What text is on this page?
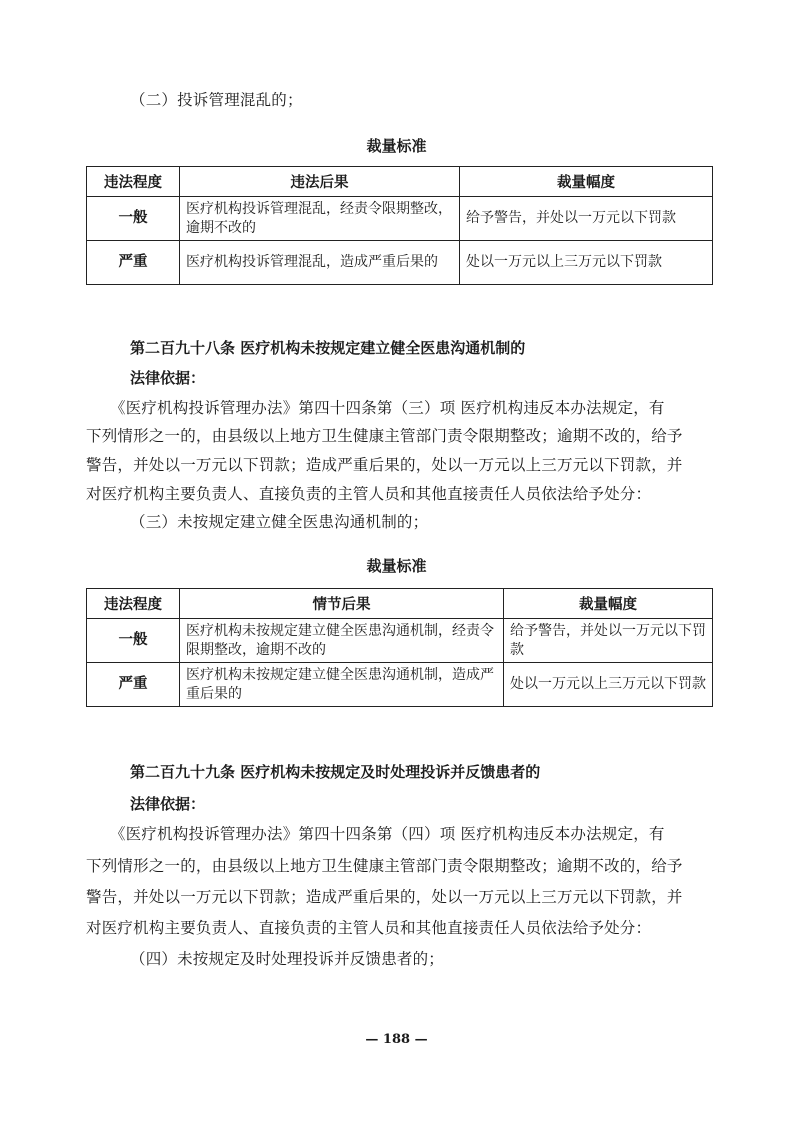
（二）投诉管理混乱的；
裁量标准
违法程度	违法后果	裁量幅度
一般	医疗机构投诉管理混乱，经责令限期整改，逾期不改的	给予警告，并处以一万元以下罚款
严重	医疗机构投诉管理混乱，造成严重后果的	处以一万元以上三万元以下罚款
第二百九十八条 医疗机构未按规定建立健全医患沟通机制的
法律依据：
《医疗机构投诉管理办法》第四十四条第（三）项 医疗机构违反本办法规定，有
下列情形之一的，由县级以上地方卫生健康主管部门责令限期整改；逾期不改的，给予
警告，并处以一万元以下罚款；造成严重后果的，处以一万元以上三万元以下罚款，并
对医疗机构主要负责人、直接负责的主管人员和其他直接责任人员依法给予处分：
（三）未按规定建立健全医患沟通机制的；
裁量标准
违法程度	情节后果	裁量幅度
一般	医疗机构未按规定建立健全医患沟通机制，经责令限期整改，逾期不改的	给予警告，并处以一万元以下罚款
严重	医疗机构未按规定建立健全医患沟通机制，造成严重后果的	处以一万元以上三万元以下罚款
第二百九十九条 医疗机构未按规定及时处理投诉并反馈患者的
法律依据：
《医疗机构投诉管理办法》第四十四条第（四）项 医疗机构违反本办法规定，有
下列情形之一的，由县级以上地方卫生健康主管部门责令限期整改；逾期不改的，给予
警告，并处以一万元以下罚款；造成严重后果的，处以一万元以上三万元以下罚款，并
对医疗机构主要负责人、直接负责的主管人员和其他直接责任人员依法给予处分：
（四）未按规定及时处理投诉并反馈患者的；
— 188 —
